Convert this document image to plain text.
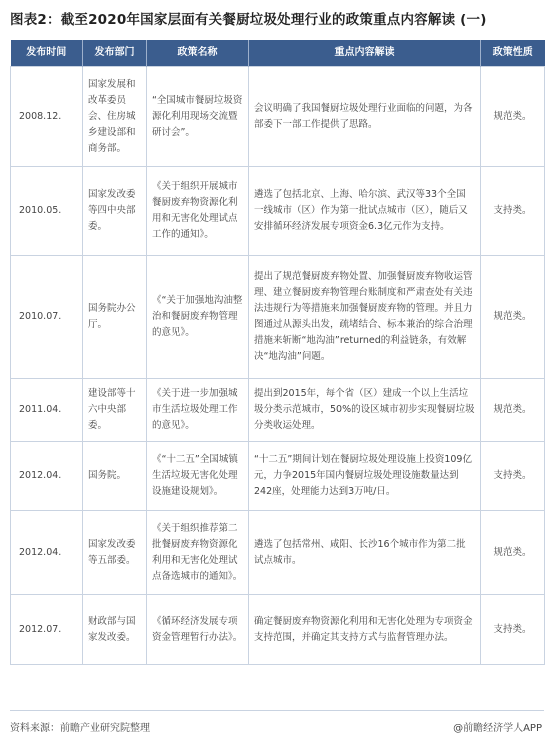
图表2：截至2020年国家层面有关餐厨垃圾处理行业的政策重点内容解读 (一)
发布时间	发布部门	政策名称	重点内容解读	政策性质
2008.12.	国家发展和改革委员会、住房城乡建设部和商务部。	“全国城市餐厨垃圾资源化利用现场交流暨研讨会”。	会议明确了我国餐厨垃圾处理行业面临的问题，为各部委下一部工作提供了思路。	规范类。
2010.05.	国家发改委等四中央部委。	《关于组织开展城市餐厨废弃物资源化利用和无害化处理试点工作的通知》。	遴选了包括北京、上海、哈尔滨、武汉等33个全国一线城市（区）作为第一批试点城市（区），随后又安排循环经济发展专项资金6.3亿元作为支持。	支持类。
2010.07.	国务院办公厅。	《“关于加强地沟油整治和餐厨废弃物管理的意见》。	提出了规范餐厨废弃物处置、加强餐厨废弃物收运管理、建立餐厨废弃物管理台账制度和严肃查处有关违法违规行为等措施来加强餐厨废弃物的管理。并且力图通过从源头出发，疏堵结合、标本兼治的综合治理措施来斩断“地沟油”returned的利益链条，有效解决“地沟油”问题。	规范类。
2011.04.	建设部等十六中央部委。	《关于进一步加强城市生活垃圾处理工作的意见》。	提出到2015年，每个省（区）建成一个以上生活垃圾分类示范城市，50%的设区城市初步实现餐厨垃圾分类收运处理。	规范类。
2012.04.	国务院。	《“十二五”全国城镇生活垃圾无害化处理设施建设规划》。	“十二五”期间计划在餐厨垃圾处理设施上投资109亿元，力争2015年国内餐厨垃圾处理设施数量达到242座，处理能力达到3万吨/日。	支持类。
2012.04.	国家发改委等五部委。	《关于组织推荐第二批餐厨废弃物资源化利用和无害化处理试点备选城市的通知》。	遴选了包括常州、咸阳、长沙16个城市作为第二批试点城市。	规范类。
2012.07.	财政部与国家发改委。	《循环经济发展专项资金管理暂行办法》。	确定餐厨废弃物资源化利用和无害化处理为专项资金支持范围，并确定其支持方式与监督管理办法。	支持类。
资料来源：前瞻产业研究院整理	@前瞻经济学人APP
